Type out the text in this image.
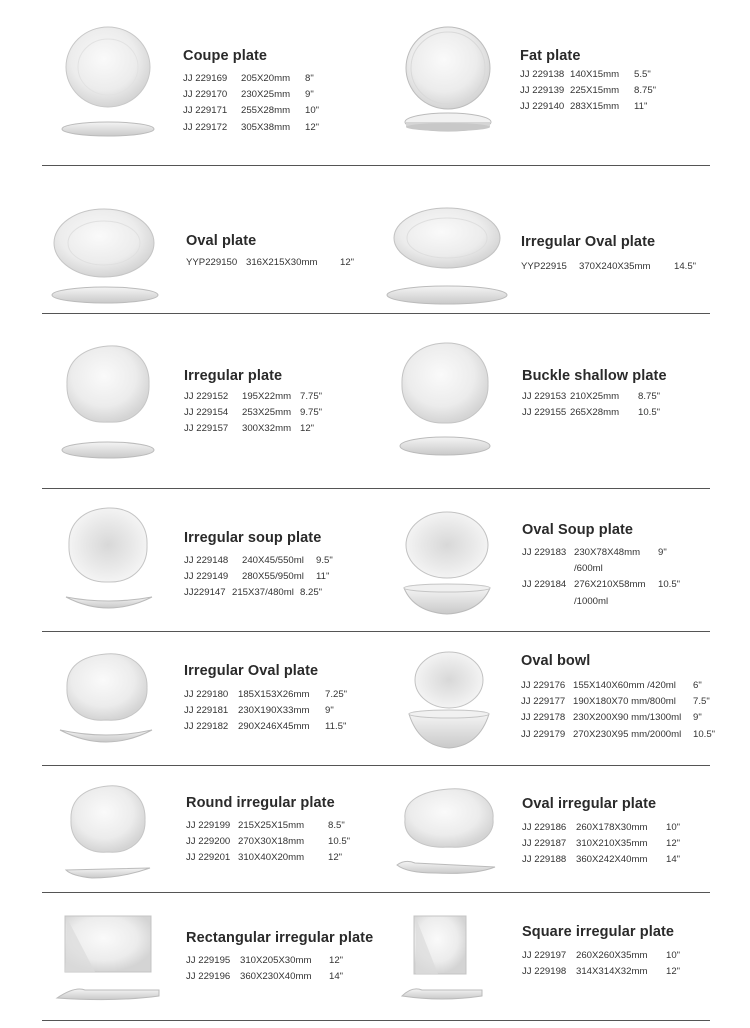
Coupe plate
JJ 229169	205X20mm	8"
JJ 229170	230X25mm	9"
JJ 229171	255X28mm	10"
JJ 229172	305X38mm	12"
Fat plate
JJ 229138 140X15mm	5.5"
JJ 229139 225X15mm	8.75"
JJ 229140 283X15mm	11"
Oval plate
YYP229150 316X215X30mm	12"
Irregular Oval plate
YYP22915	370X240X35mm	14.5"
Irregular plate
JJ 229152	195X22mm 7.75"
JJ 229154	253X25mm 9.75"
JJ 229157	300X32mm 12"
Buckle shallow plate
JJ 229153 210X25mm	8.75"
JJ 229155 265X28mm	10.5"
Irregular soup plate
JJ 229148	240X45/550ml	9.5"
JJ 229149	280X55/950ml	11"
JJ229147 215X37/480ml 8.25"
Oval Soup plate
JJ 229183 230X78X48mm	9"
/600ml
JJ 229184 276X210X58mm	10.5"
/1000ml
Irregular Oval plate
JJ 229180	185X153X26mm	7.25"
JJ 229181	230X190X33mm	9"
JJ 229182	290X246X45mm	11.5"
Oval bowl
JJ 229176 155X140X60mm /420ml	6"
JJ 229177 190X180X70 mm/800ml	7.5"
JJ 229178 230X200X90 mm/1300ml	9"
JJ 229179 270X230X95 mm/2000ml	10.5"
Round irregular plate
JJ 229199 215X25X15mm	8.5"
JJ 229200 270X30X18mm	10.5"
JJ 229201 310X40X20mm	12"
Oval irregular plate
JJ 229186	260X178X30mm	10"
JJ 229187	310X210X35mm	12"
JJ 229188	360X242X40mm	14"
Rectangular irregular plate
JJ 229195	310X205X30mm	12"
JJ 229196	360X230X40mm	14"
Square irregular plate
JJ 229197	260X260X35mm	10"
JJ 229198	314X314X32mm	12"
